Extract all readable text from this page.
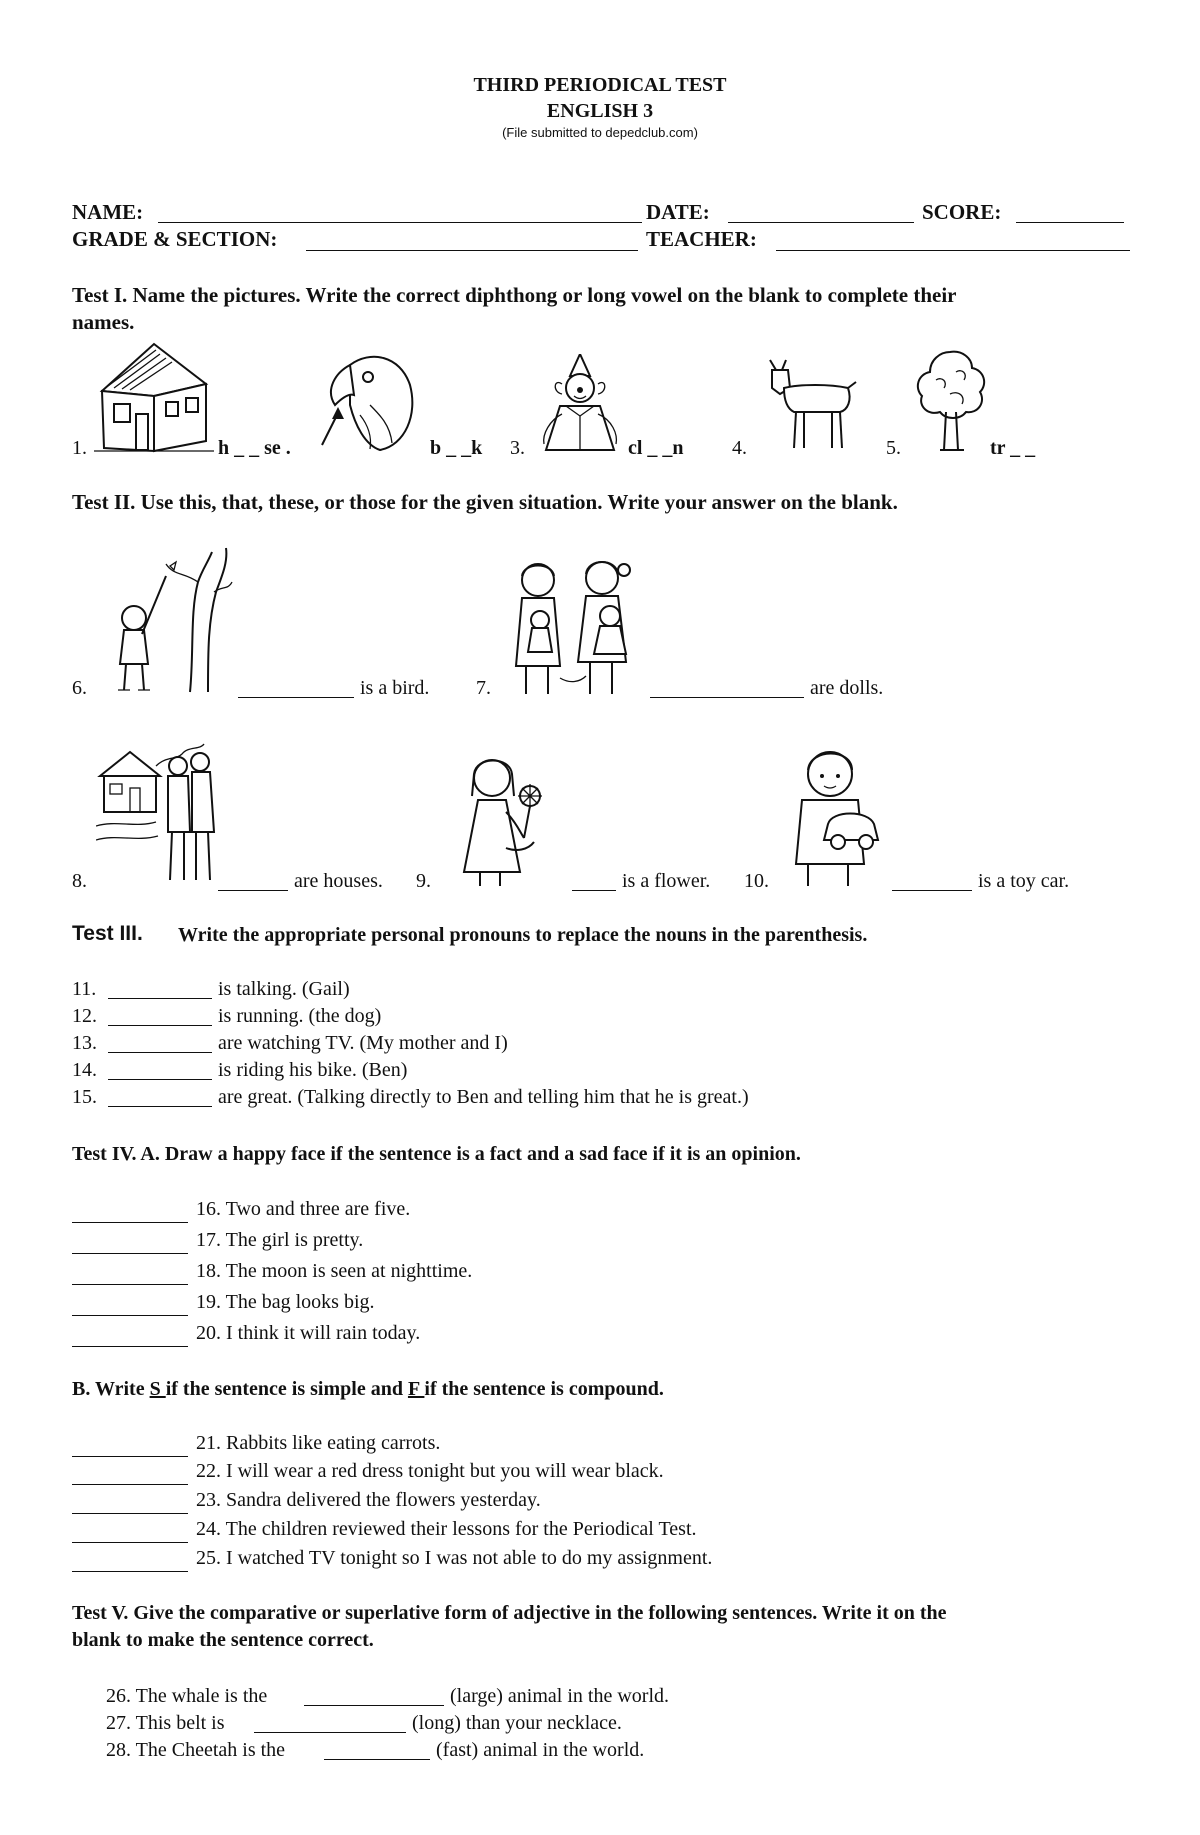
THIRD PERIODICAL TEST
ENGLISH 3
(File submitted to depedclub.com)
NAME:	DATE:	SCORE:
GRADE & SECTION:	TEACHER:
Test I. Name the pictures. Write the correct diphthong or long vowel on the blank to complete their
names.
1.	h _ _ se .	b _ _k 3.	cl _ _n 4.	5.	tr _ _
Test II. Use this, that, these, or those for the given situation. Write your answer on the blank.
6.	is a bird. 7.	are dolls.
8.	are houses. 9.	is a flower. 10.	is a toy car.
Test III. Write the appropriate personal pronouns to replace the nouns in the parenthesis.
11.	is talking. (Gail)
12.	is running. (the dog)
13.	are watching TV. (My mother and I)
14.	is riding his bike. (Ben)
15.	are great. (Talking directly to Ben and telling him that he is great.)
Test IV. A. Draw a happy face if the sentence is a fact and a sad face if it is an opinion.
16. Two and three are five.
17. The girl is pretty.
18. The moon is seen at nighttime.
19. The bag looks big.
20. I think it will rain today.
B. Write S if the sentence is simple and F if the sentence is compound.
21. Rabbits like eating carrots.
22. I will wear a red dress tonight but you will wear black.
23. Sandra delivered the flowers yesterday.
24. The children reviewed their lessons for the Periodical Test.
25. I watched TV tonight so I was not able to do my assignment.
Test V. Give the comparative or superlative form of adjective in the following sentences. Write it on the
blank to make the sentence correct.
26. The whale is the	(large) animal in the world.
27. This belt is	(long) than your necklace.
28. The Cheetah is the	(fast) animal in the world.
